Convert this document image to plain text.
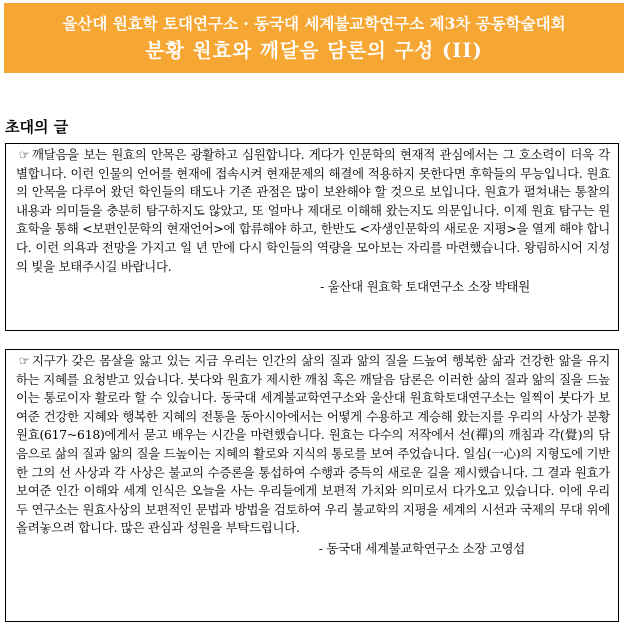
울산대 원효학 토대연구소 · 동국대 세계불교학연구소 제3차 공동학술대회
분황 원효와 깨달음 담론의 구성 (II)
초대의 글
☞ 깨달음을 보는 원효의 안목은 광활하고 심원합니다. 게다가 인문학의 현재적 관심에서는 그 호소력이 더욱 각별합니다. 이런 인물의 언어를 현재에 접속시켜 현재문제의 해결에 적용하지 못한다면 후학들의 무능입니다. 원효의 안목을 다루어 왔던 학인들의 태도나 기존 관점은 많이 보완해야 할 것으로 보입니다. 원효가 펼쳐내는 통찰의 내용과 의미들을 충분히 탐구하지도 않았고, 또 얼마나 제대로 이해해 왔는지도 의문입니다. 이제 원효 탐구는 원효학을 통해 <보편인문학의 현재언어>에 합류해야 하고, 한반도 <자생인문학의 새로운 지평>을 열게 해야 합니다. 이런 의욕과 전망을 가지고 일 년 만에 다시 학인들의 역량을 모아보는 자리를 마련했습니다. 왕림하시어 지성의 빛을 보태주시길 바랍니다.
- 울산대 원효학 토대연구소 소장 박태원
☞ 지구가 갖은 몸살을 앓고 있는 지금 우리는 인간의 삶의 질과 앎의 질을 드높여 행복한 삶과 건강한 앎을 유지하는 지혜를 요청받고 있습니다. 붓다와 원효가 제시한 깨침 혹은 깨달음 담론은 이러한 삶의 질과 앎의 질을 드높이는 통로이자 활로라 할 수 있습니다. 동국대 세계불교학연구소와 울산대 원효학토대연구소는 일찍이 붓다가 보여준 건강한 지혜와 행복한 지혜의 전통을 동아시아에서는 어떻게 수용하고 계승해 왔는지를 우리의 사상가 분황 원효(617~618)에게서 묻고 배우는 시간을 마련했습니다. 원효는 다수의 저작에서 선(禪)의 깨침과 각(覺)의 닦음으로 삶의 질과 앎의 질을 드높이는 지혜의 활로와 지식의 통로를 보여 주었습니다. 일심(一心)의 지형도에 기반한 그의 선 사상과 각 사상은 불교의 수증론을 통섭하여 수행과 증득의 새로운 길을 제시했습니다. 그 결과 원효가 보여준 인간 이해와 세계 인식은 오늘을 사는 우리들에게 보편적 가치와 의미로서 다가오고 있습니다. 이에 우리 두 연구소는 원효사상의 보편적인 문법과 방법을 검토하여 우리 불교학의 지평을 세계의 시선과 국제의 무대 위에 올려놓으려 합니다. 많은 관심과 성원을 부탁드립니다.
- 동국대 세계불교학연구소 소장 고영섭
